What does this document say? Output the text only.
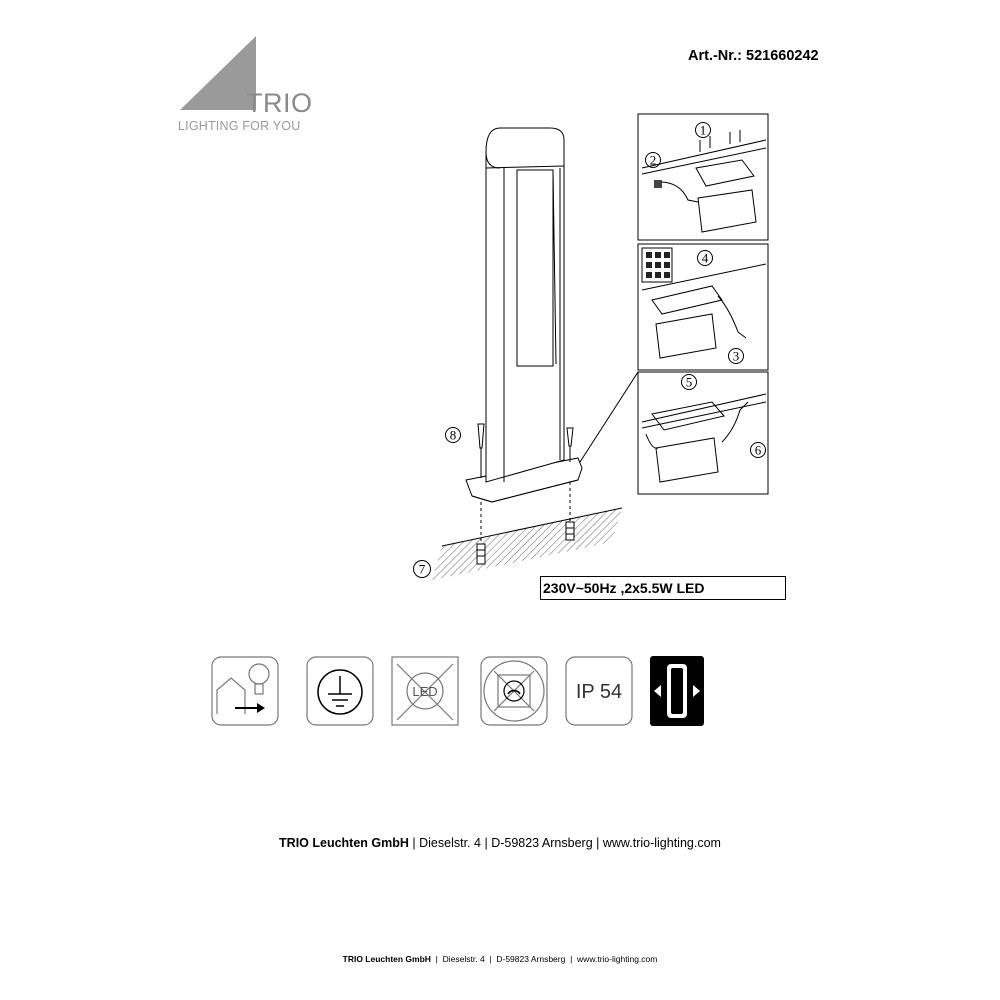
TRIO
LIGHTING FOR YOU
Art.-Nr.: 521660242
1
2
4
3
5
6
7
8
230V~50Hz ,2x5.5W LED
LED	IP 54
TRIO Leuchten GmbH | Dieselstr. 4 | D-59823 Arnsberg | www.trio-lighting.com
TRIO Leuchten GmbH | Dieselstr. 4 | D-59823 Arnsberg | www.trio-lighting.com
